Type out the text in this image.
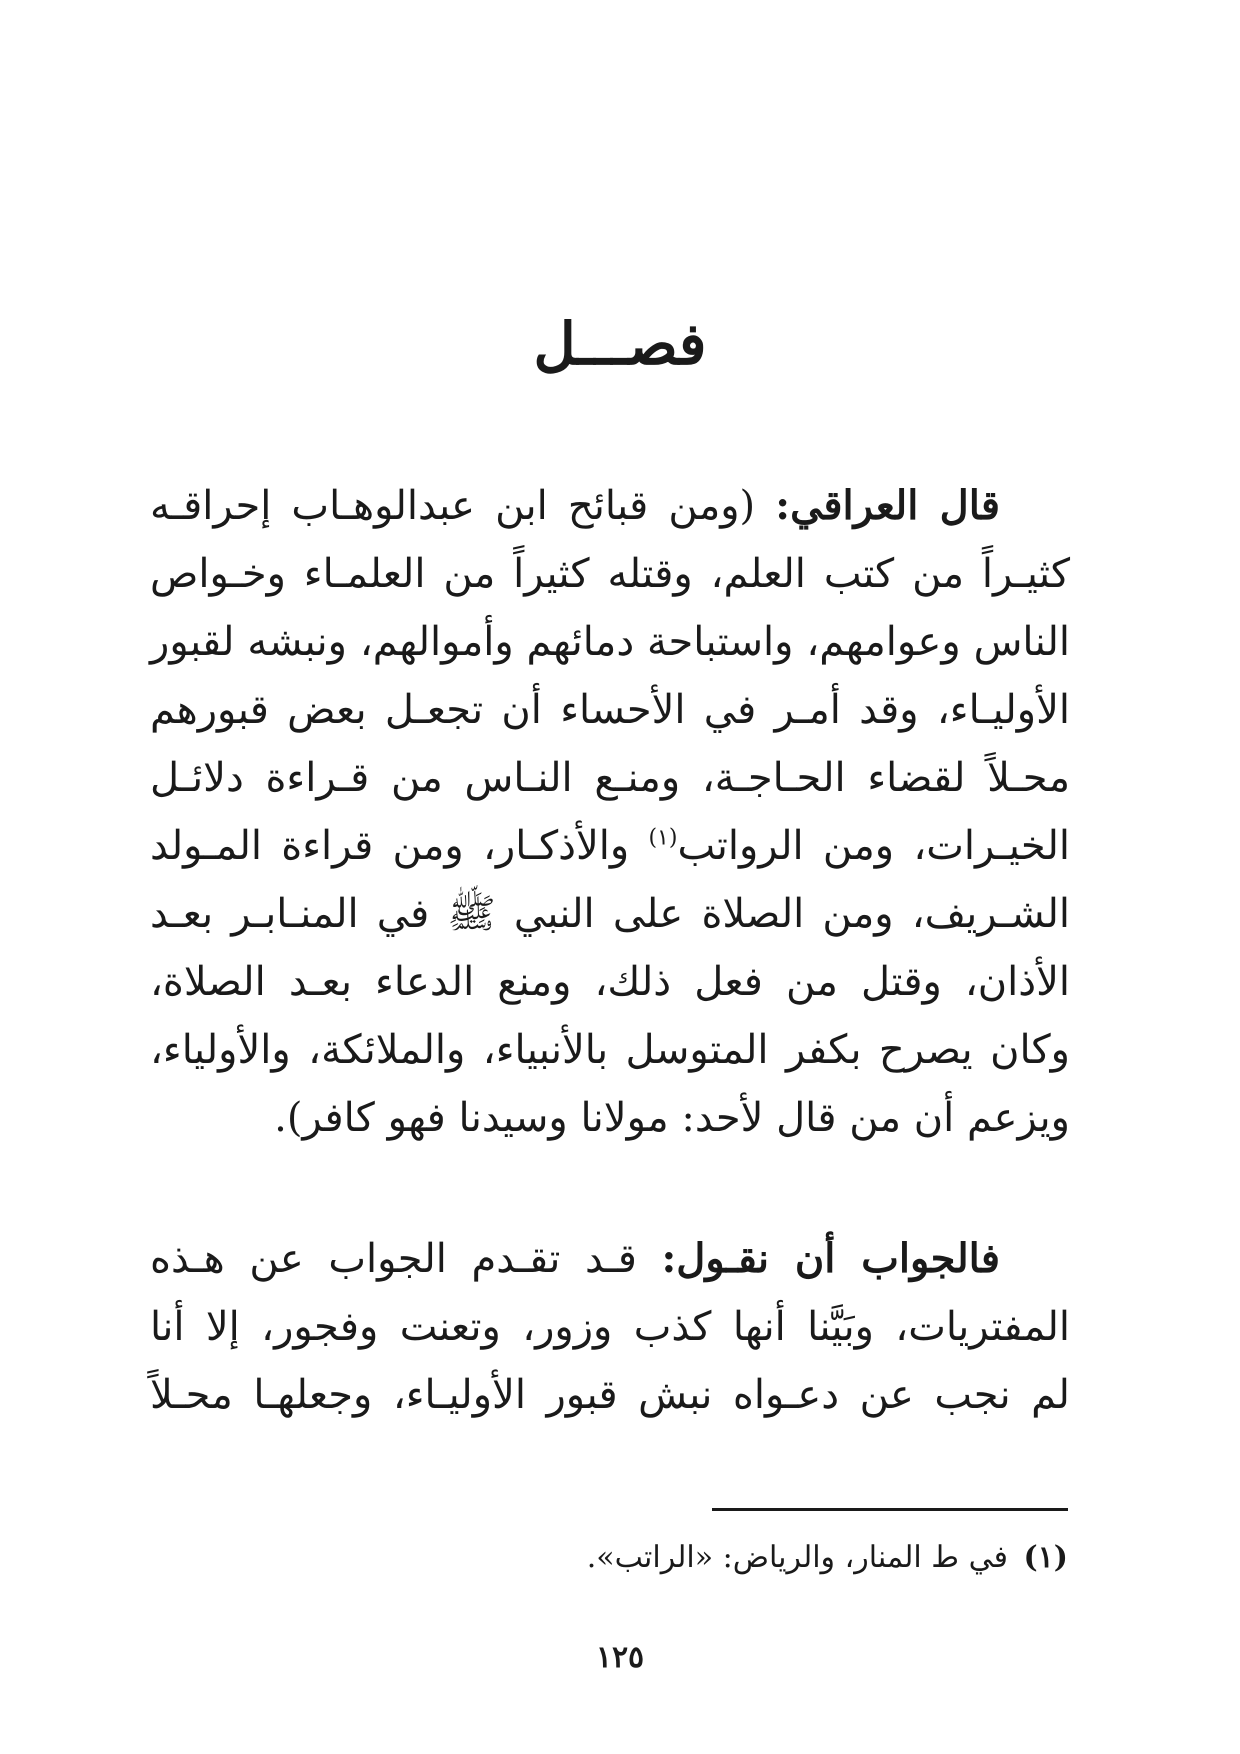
فصـــل
قال العراقي: (ومن قبائح ابن عبدالوهـاب إحراقـه
كثيـراً من كتب العلم، وقتله كثيراً من العلمـاء وخـواص
الناس وعوامهم، واستباحة دمائهم وأموالهم، ونبشه لقبور
الأوليـاء، وقد أمـر في الأحساء أن تجعـل بعض قبورهم
محـلاً لقضاء الحـاجـة، ومنـع النـاس من قـراءة دلائـل
الخيـرات، ومن الرواتب$^{(١)}$ والأذكـار، ومن قراءة المـولد
الشـريف، ومن الصلاة على النبي ﷺ في المنـابـر بعـد
الأذان، وقتل من فعل ذلك، ومنع الدعاء بعـد الصلاة،
وكان يصرح بكفر المتوسل بالأنبياء، والملائكة، والأولياء،
ويزعم أن من قال لأحد: مولانا وسيدنا فهو كافر).
فالجواب أن نقـول: قـد تقـدم الجواب عن هـذه
المفتريات، وبَيَّنا أنها كذب وزور، وتعنت وفجور، إلا أنا
لم نجب عن دعـواه نبش قبور الأوليـاء، وجعلهـا محـلاً
(١) في ط المنار، والرياض: «الراتب».
١٢٥
